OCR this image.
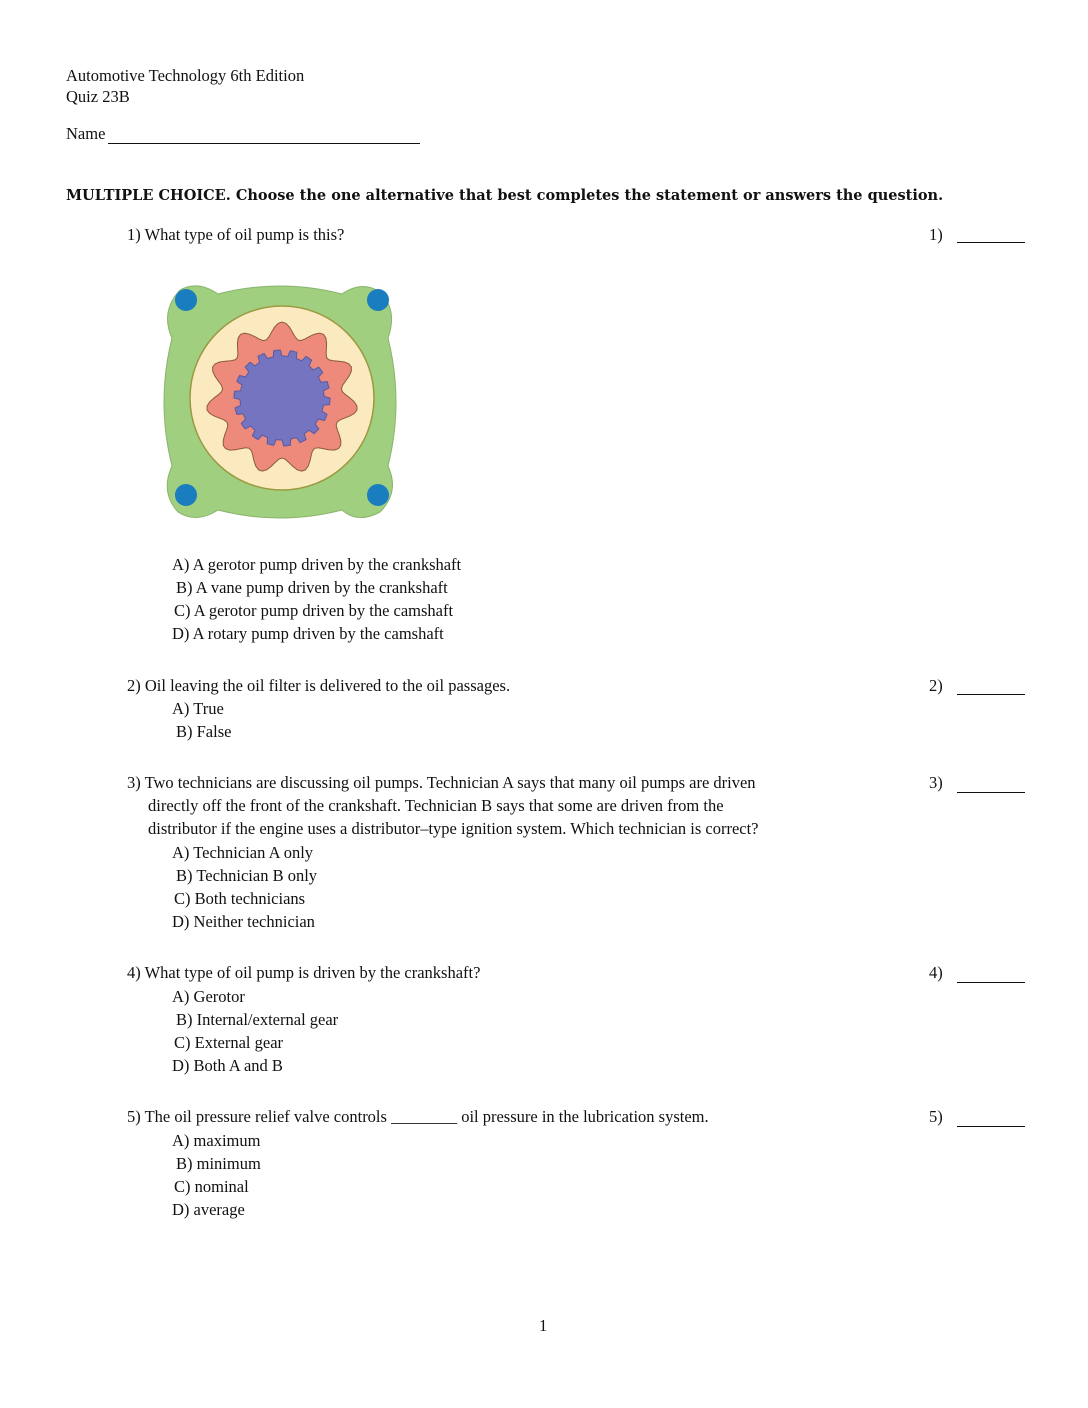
Automotive Technology 6th Edition
Quiz 23B
Name
MULTIPLE CHOICE. Choose the one alternative that best completes the statement or answers the question.
1) What type of oil pump is this?	1)
A) A gerotor pump driven by the crankshaft
B) A vane pump driven by the crankshaft
C) A gerotor pump driven by the camshaft
D) A rotary pump driven by the camshaft
2) Oil leaving the oil filter is delivered to the oil passages.	2)
A) True
B) False
3) Two technicians are discussing oil pumps. Technician A says that many oil pumps are driven
directly off the front of the crankshaft. Technician B says that some are driven from the
distributor if the engine uses a distributor–type ignition system. Which technician is correct?
3)
A) Technician A only
B) Technician B only
C) Both technicians
D) Neither technician
4) What type of oil pump is driven by the crankshaft?	4)
A) Gerotor
B) Internal/external gear
C) External gear
D) Both A and B
5) The oil pressure relief valve controls ________ oil pressure in the lubrication system.	5)
A) maximum
B) minimum
C) nominal
D) average
1
